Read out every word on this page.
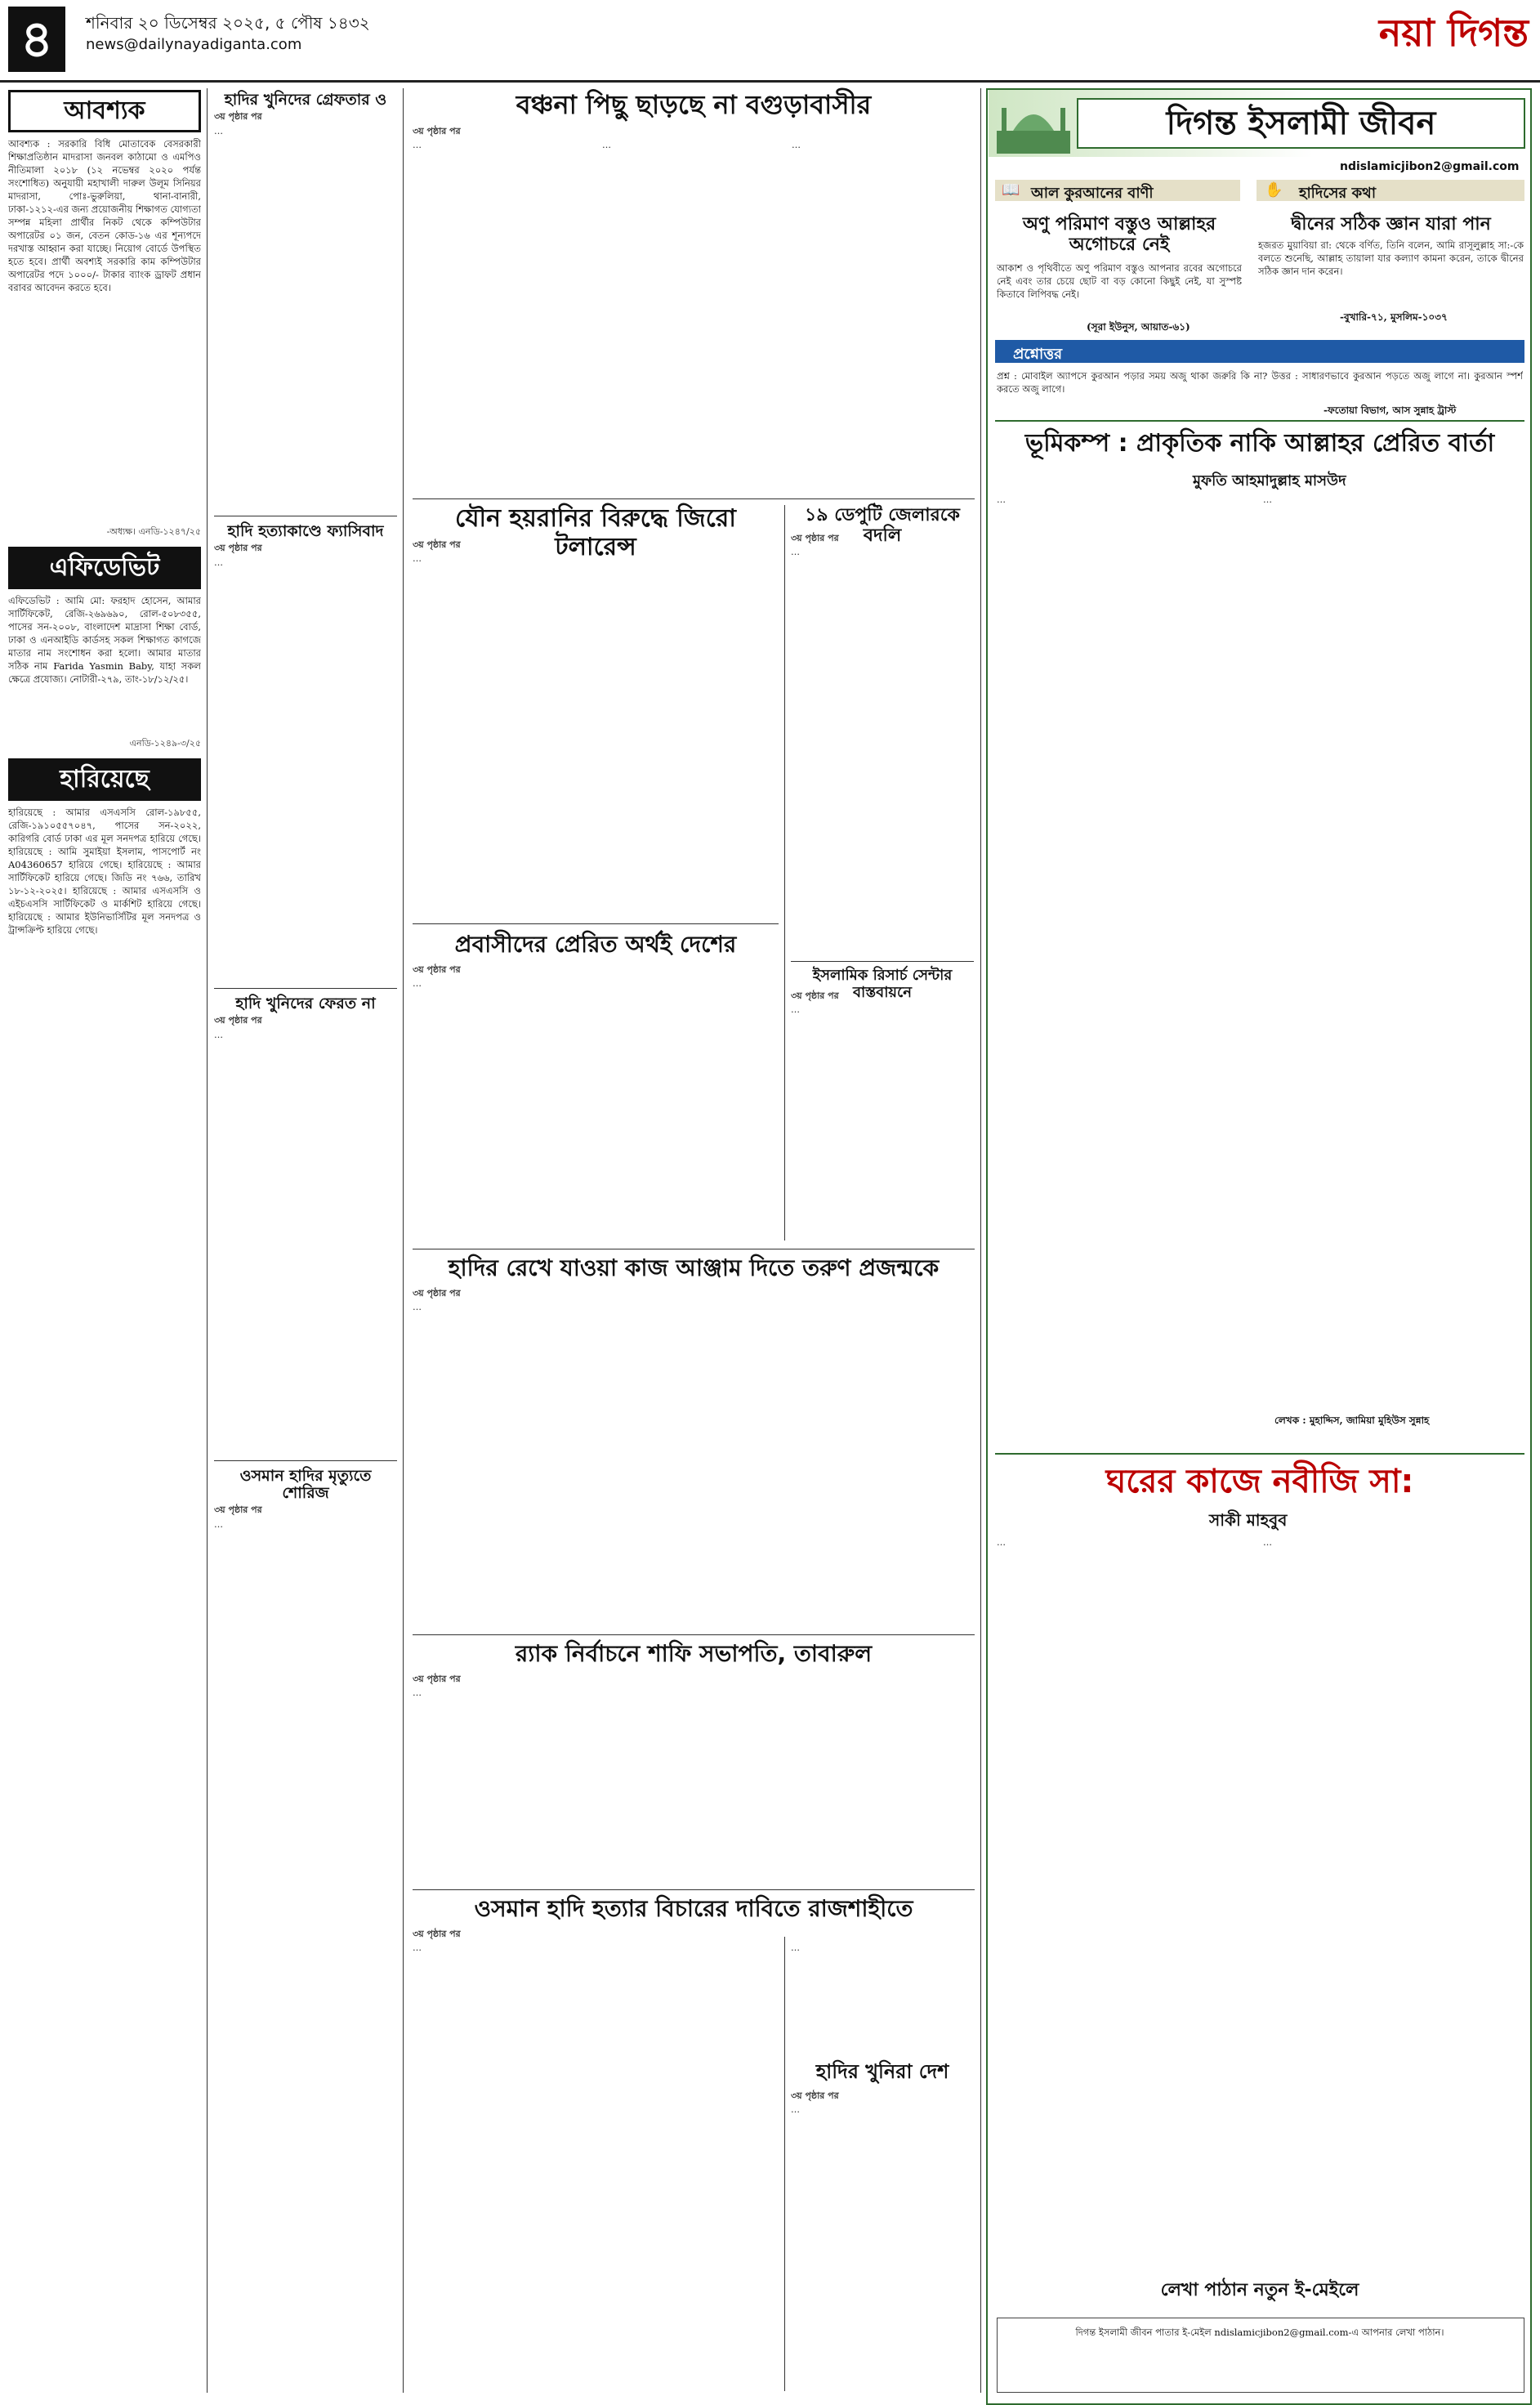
৪	শনিবার ২০ ডিসেম্বর ২০২৫, ৫ পৌষ ১৪৩২
news@dailynayadiganta.com	নয়া দিগন্ত
আবশ্যক
আবশ্যক : সরকারি বিধি মোতাবেক বেসরকারী শিক্ষাপ্রতিষ্ঠান মাদরাসা জনবল কাঠামো ও এমপিও নীতিমালা ২০১৮ (১২ নভেম্বর ২০২০ পর্যন্ত সংশোধিত) অনুযায়ী মহাখালী দারুল উলূম সিনিয়র মাদরাসা, পোঃ-ভুরুলিয়া, থানা-বানারী, ঢাকা-১২১২-এর জন্য প্রয়োজনীয় শিক্ষাগত যোগ্যতা সম্পন্ন মহিলা প্রার্থীর নিকট থেকে কম্পিউটার অপারেটর ০১ জন, বেতন কোড-১৬ এর শূন্যপদে দরখাস্ত আহ্বান করা যাচ্ছে। নিয়োগ বোর্ডে উপস্থিত হতে হবে। প্রার্থী অবশ্যই সরকারি কাম কম্পিউটার অপারেটর পদে ১০০০/- টাকার ব্যাংক ড্রাফট প্রধান বরাবর আবেদন করতে হবে।
-অধ্যক্ষ। এনডি-১২৪৭/২৫
এফিডেভিট
এফিডেভিট : আমি মো: ফরহাদ হোসেন, আমার সার্টিফিকেট, রেজি-২৬৯৬৯০, রোল-৫০৮৩৫৫, পাসের সন-২০০৮, বাংলাদেশ মাদ্রাসা শিক্ষা বোর্ড, ঢাকা ও এনআইডি কার্ডসহ সকল শিক্ষাগত কাগজে মাতার নাম সংশোধন করা হলো। আমার মাতার সঠিক নাম Farida Yasmin Baby, যাহা সকল ক্ষেত্রে প্রযোজ্য। নোটারী-২৭৯, তাং-১৮/১২/২৫।
এনডি-১২৪৯-৩/২৫
হারিয়েছে
হারিয়েছে : আমার এসএসসি রোল-১৯৮৫৫, রেজি-১৯১০৫৫৭০৪৭, পাসের সন-২০২২, কারিগরি বোর্ড ঢাকা এর মূল সনদপত্র হারিয়ে গেছে। হারিয়েছে : আমি সুমাইয়া ইসলাম, পাসপোর্ট নং A04360657 হারিয়ে গেছে। হারিয়েছে : আমার সার্টিফিকেট হারিয়ে গেছে। জিডি নং ৭৬৬, তারিখ ১৮-১২-২০২৫। হারিয়েছে : আমার এসএসসি ও এইচএসসি সার্টিফিকেট ও মার্কশিট হারিয়ে গেছে। হারিয়েছে : আমার ইউনিভার্সিটির মূল সনদপত্র ও ট্রান্সক্রিপ্ট হারিয়ে গেছে।
হাদির খুনিদের গ্রেফতার ও
৩য় পৃষ্ঠার পর
…
হাদি হত্যাকাণ্ডে ফ্যাসিবাদ
৩য় পৃষ্ঠার পর
…
হাদি খুনিদের ফেরত না
৩য় পৃষ্ঠার পর
…
ওসমান হাদির মৃত্যুতে শোরিজ
৩য় পৃষ্ঠার পর
…
বঞ্চনা পিছু ছাড়ছে না বগুড়াবাসীর
৩য় পৃষ্ঠার পর
…
…
…
যৌন হয়রানির বিরুদ্ধে জিরো টলারেন্স
৩য় পৃষ্ঠার পর
…
১৯ ডেপুটি জেলারকে বদলি
৩য় পৃষ্ঠার পর
…
প্রবাসীদের প্রেরিত অর্থই দেশের
৩য় পৃষ্ঠার পর
…	ইসলামিক রিসার্চ সেন্টার বাস্তবায়নে
৩য় পৃষ্ঠার পর
…
হাদির রেখে যাওয়া কাজ আঞ্জাম দিতে তরুণ প্রজন্মকে
৩য় পৃষ্ঠার পর
…
র‍্যাক নির্বাচনে শাফি সভাপতি, তাবারুল
৩য় পৃষ্ঠার পর
…
ওসমান হাদি হত্যার বিচারের দাবিতে রাজশাহীতে
৩য় পৃষ্ঠার পর
…
হাদির খুনিরা দেশ
৩য় পৃষ্ঠার পর
…
…
দিগন্ত ইসলামী জীবন
ndislamicjibon2@gmail.com
আল কুরআনের বাণী
📖	হাদিসের কথা
✋
অণু পরিমাণ বস্তুও আল্লাহর অগোচরে নেই
আকাশ ও পৃথিবীতে অণু পরিমাণ বস্তুও আপনার রবের অগোচরে নেই এবং তার চেয়ে ছোট বা বড় কোনো কিছুই নেই, যা সুস্পষ্ট কিতাবে লিপিবদ্ধ নেই।
(সূরা ইউনুস, আয়াত-৬১)
দ্বীনের সঠিক জ্ঞান যারা পান
হজরত মুয়াবিয়া রা: থেকে বর্ণিত, তিনি বলেন, আমি রাসূলুল্লাহ সা:-কে বলতে শুনেছি, আল্লাহ তায়ালা যার কল্যাণ কামনা করেন, তাকে দ্বীনের সঠিক জ্ঞান দান করেন।
-বুখারি-৭১, মুসলিম-১০৩৭
প্রশ্নোত্তর
প্রশ্ন : মোবাইল অ্যাপসে কুরআন পড়ার সময় অজু থাকা জরুরি কি না? উত্তর : সাধারণভাবে কুরআন পড়তে অজু লাগে না। কুরআন স্পর্শ করতে অজু লাগে।
-ফতোয়া বিভাগ, আস সুন্নাহ ট্রাস্ট
ভূমিকম্প : প্রাকৃতিক নাকি আল্লাহর প্রেরিত বার্তা
মুফতি আহমাদুল্লাহ মাসউদ
…
…
লেখক : মুহাদ্দিস, জামিয়া মুহিউস সুন্নাহ
ঘরের কাজে নবীজি সা:
সাকী মাহবুব
…
…
লেখা পাঠান নতুন ই-মেইলে
দিগন্ত ইসলামী জীবন পাতার ই-মেইল ndislamicjibon2@gmail.com-এ আপনার লেখা পাঠান।
